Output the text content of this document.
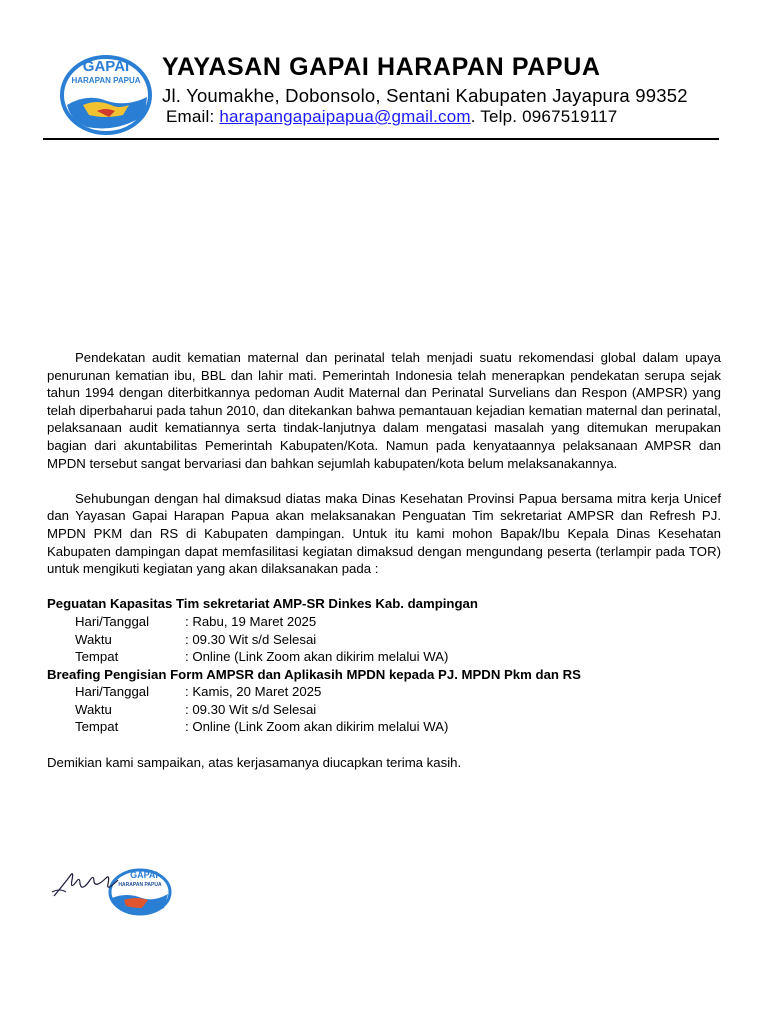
GAPAI
HARAPAN PAPUA YAYASAN GAPAI HARAPAN PAPUA
Jl. Youmakhe, Dobonsolo, Sentani Kabupaten Jayapura 99352
Email: harapangapaipapua@gmail.com. Telp. 0967519117

Pendekatan audit kematian maternal dan perinatal telah menjadi suatu rekomendasi global dalam upaya penurunan kematian ibu, BBL dan lahir mati. Pemerintah Indonesia telah menerapkan pendekatan serupa sejak tahun 1994 dengan diterbitkannya pedoman Audit Maternal dan Perinatal Survelians dan Respon (AMPSR) yang telah diperbaharui pada tahun 2010, dan ditekankan bahwa pemantauan kejadian kematian maternal dan perinatal, pelaksanaan audit kematiannya serta tindak-lanjutnya dalam mengatasi masalah yang ditemukan merupakan bagian dari akuntabilitas Pemerintah Kabupaten/Kota. Namun pada kenyataannya pelaksanaan AMPSR dan MPDN tersebut sangat bervariasi dan bahkan sejumlah kabupaten/kota belum melaksanakannya.

Sehubungan dengan hal dimaksud diatas maka Dinas Kesehatan Provinsi Papua bersama mitra kerja Unicef dan Yayasan Gapai Harapan Papua akan melaksanakan Penguatan Tim sekretariat AMPSR dan Refresh PJ. MPDN PKM dan RS di Kabupaten dampingan. Untuk itu kami mohon Bapak/Ibu Kepala Dinas Kesehatan Kabupaten dampingan dapat memfasilitasi kegiatan dimaksud dengan mengundang peserta (terlampir pada TOR) untuk mengikuti kegiatan yang akan dilaksanakan pada :

Peguatan Kapasitas Tim sekretariat AMP-SR Dinkes Kab. dampingan

Hari/Tanggal	: Rabu, 19 Maret 2025
Waktu	: 09.30 Wit s/d Selesai
Tempat	: Online (Link Zoom akan dikirim melalui WA)

Breafing Pengisian Form AMPSR dan Aplikasih MPDN kepada PJ. MPDN Pkm dan RS

Hari/Tanggal	: Kamis, 20 Maret 2025
Waktu	: 09.30 Wit s/d Selesai
Tempat	: Online (Link Zoom akan dikirim melalui WA)

Demikian kami sampaikan, atas kerjasamanya diucapkan terima kasih.

GAPAI
HARAPAN PAPUA
